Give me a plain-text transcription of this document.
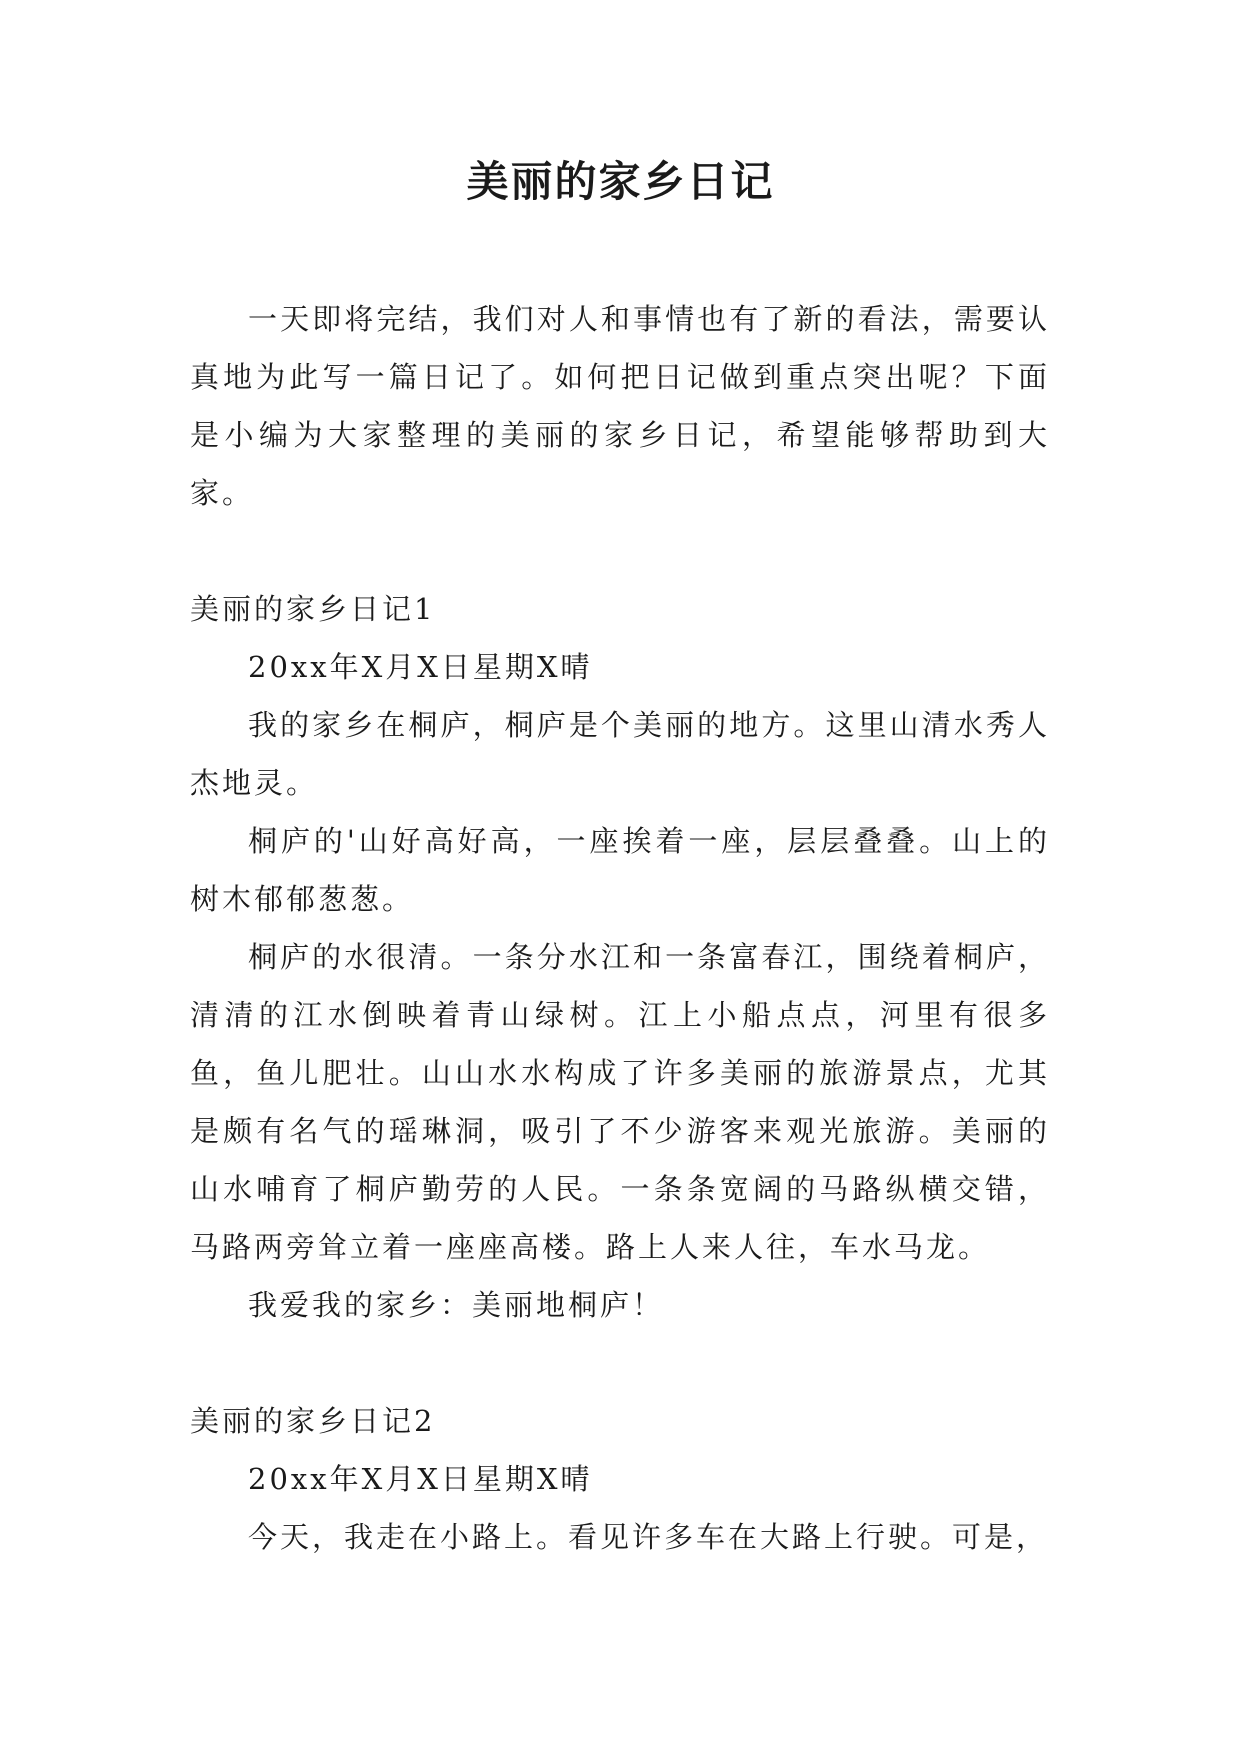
美丽的家乡日记

一天即将完结，我们对人和事情也有了新的看法，需要认真地为此写一篇日记了。如何把日记做到重点突出呢？下面是小编为大家整理的美丽的家乡日记，希望能够帮助到大家。

美丽的家乡日记1

20xx年X月X日星期X晴

我的家乡在桐庐，桐庐是个美丽的地方。这里山清水秀人杰地灵。

桐庐的'山好高好高，一座挨着一座，层层叠叠。山上的树木郁郁葱葱。

桐庐的水很清。一条分水江和一条富春江，围绕着桐庐，清清的江水倒映着青山绿树。江上小船点点，河里有很多鱼，鱼儿肥壮。山山水水构成了许多美丽的旅游景点，尤其是颇有名气的瑶琳洞，吸引了不少游客来观光旅游。美丽的山水哺育了桐庐勤劳的人民。一条条宽阔的马路纵横交错，马路两旁耸立着一座座高楼。路上人来人往，车水马龙。

我爱我的家乡：美丽地桐庐！

美丽的家乡日记2

20xx年X月X日星期X晴

今天，我走在小路上。看见许多车在大路上行驶。可是，
